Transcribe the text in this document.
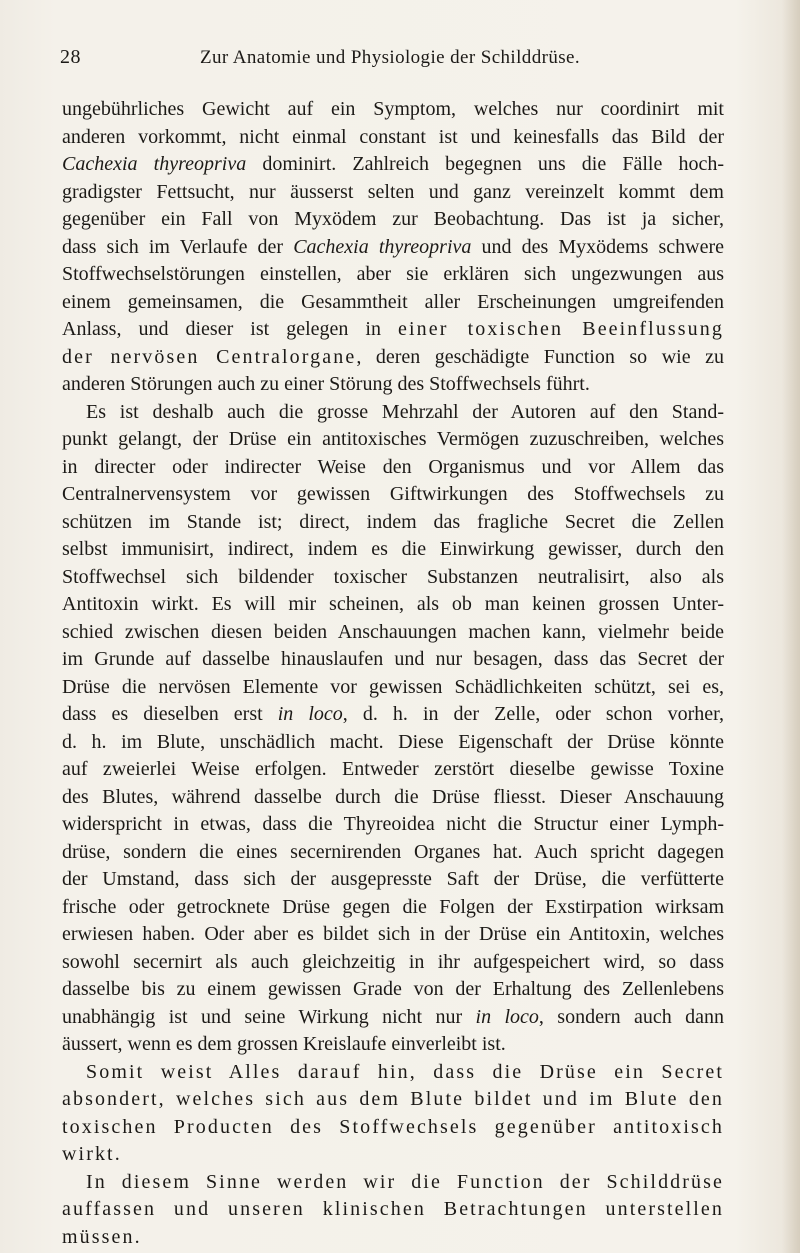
28	Zur Anatomie und Physiologie der Schilddrüse.
ungebührliches Gewicht auf ein Symptom, welches nur coordinirt mit
anderen vorkommt, nicht einmal constant ist und keinesfalls das Bild der
Cachexia thyreopriva dominirt. Zahlreich begegnen uns die Fälle hoch-
gradigster Fettsucht, nur äusserst selten und ganz vereinzelt kommt dem
gegenüber ein Fall von Myxödem zur Beobachtung. Das ist ja sicher,
dass sich im Verlaufe der Cachexia thyreopriva und des Myxödems schwere
Stoffwechselstörungen einstellen, aber sie erklären sich ungezwungen aus
einem gemeinsamen, die Gesammtheit aller Erscheinungen umgreifenden
Anlass, und dieser ist gelegen in einer toxischen Beeinflussung
der nervösen Centralorgane, deren geschädigte Function so wie zu
anderen Störungen auch zu einer Störung des Stoffwechsels führt.
Es ist deshalb auch die grosse Mehrzahl der Autoren auf den Stand-
punkt gelangt, der Drüse ein antitoxisches Vermögen zuzuschreiben, welches
in directer oder indirecter Weise den Organismus und vor Allem das
Centralnervensystem vor gewissen Giftwirkungen des Stoffwechsels zu
schützen im Stande ist; direct, indem das fragliche Secret die Zellen
selbst immunisirt, indirect, indem es die Einwirkung gewisser, durch den
Stoffwechsel sich bildender toxischer Substanzen neutralisirt, also als
Antitoxin wirkt. Es will mir scheinen, als ob man keinen grossen Unter-
schied zwischen diesen beiden Anschauungen machen kann, vielmehr beide
im Grunde auf dasselbe hinauslaufen und nur besagen, dass das Secret der
Drüse die nervösen Elemente vor gewissen Schädlichkeiten schützt, sei es,
dass es dieselben erst in loco, d. h. in der Zelle, oder schon vorher,
d. h. im Blute, unschädlich macht. Diese Eigenschaft der Drüse könnte
auf zweierlei Weise erfolgen. Entweder zerstört dieselbe gewisse Toxine
des Blutes, während dasselbe durch die Drüse fliesst. Dieser Anschauung
widerspricht in etwas, dass die Thyreoidea nicht die Structur einer Lymph-
drüse, sondern die eines secernirenden Organes hat. Auch spricht dagegen
der Umstand, dass sich der ausgepresste Saft der Drüse, die verfütterte
frische oder getrocknete Drüse gegen die Folgen der Exstirpation wirksam
erwiesen haben. Oder aber es bildet sich in der Drüse ein Antitoxin, welches
sowohl secernirt als auch gleichzeitig in ihr aufgespeichert wird, so dass
dasselbe bis zu einem gewissen Grade von der Erhaltung des Zellenlebens
unabhängig ist und seine Wirkung nicht nur in loco, sondern auch dann
äussert, wenn es dem grossen Kreislaufe einverleibt ist.
Somit weist Alles darauf hin, dass die Drüse ein Secret
absondert, welches sich aus dem Blute bildet und im Blute den
toxischen Producten des Stoffwechsels gegenüber antitoxisch
wirkt.
In diesem Sinne werden wir die Function der Schilddrüse
auffassen und unseren klinischen Betrachtungen unterstellen
müssen.
